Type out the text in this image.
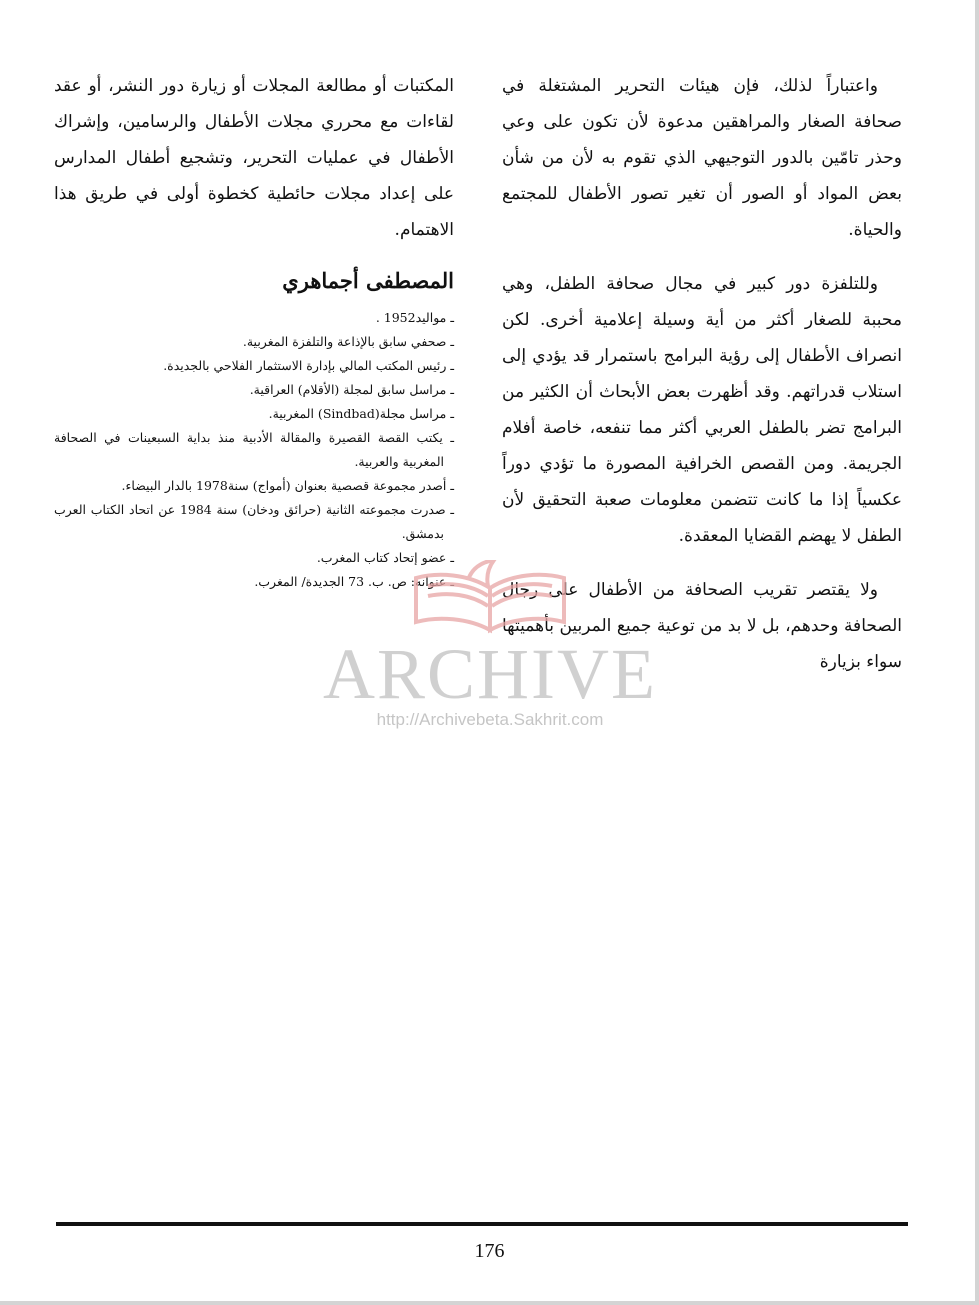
واعتباراً لذلك، فإن هيئات التحرير المشتغلة في صحافة الصغار والمراهقين مدعوة لأن تكون على وعي وحذر تامّين بالدور التوجيهي الذي تقوم به لأن من شأن بعض المواد أو الصور أن تغير تصور الأطفال للمجتمع والحياة.

وللتلفزة دور كبير في مجال صحافة الطفل، وهي محببة للصغار أكثر من أية وسيلة إعلامية أخرى. لكن انصراف الأطفال إلى رؤية البرامج باستمرار قد يؤدي إلى استلاب قدراتهم. وقد أظهرت بعض الأبحاث أن الكثير من البرامج تضر بالطفل العربي أكثر مما تنفعه، خاصة أفلام الجريمة. ومن القصص الخرافية المصورة ما تؤدي دوراً عكسياً إذا ما كانت تتضمن معلومات صعبة التحقيق لأن الطفل لا يهضم القضايا المعقدة.

ولا يقتصر تقريب الصحافة من الأطفال على رجال الصحافة وحدهم، بل لا بد من توعية جميع المربين بأهميتها سواء بزيارة

المكتبات أو مطالعة المجلات أو زيارة دور النشر، أو عقد لقاءات مع محرري مجلات الأطفال والرسامين، وإشراك الأطفال في عمليات التحرير، وتشجيع أطفال المدارس على إعداد مجلات حائطية كخطوة أولى في طريق هذا الاهتمام.

المصطفى أجماهري
ـ مواليد1952 .
ـ صحفي سابق بالإذاعة والتلفزة المغربية.
ـ رئيس المكتب المالي بإدارة الاستثمار الفلاحي بالجديدة.
ـ مراسل سابق لمجلة (الأقلام) العراقية.
ـ مراسل مجلة(Sindbad) المغربية.
ـ يكتب القصة القصيرة والمقالة الأدبية منذ بداية السبعينات في الصحافة المغربية والعربية.
ـ أصدر مجموعة قصصية بعنوان (أمواج) سنة1978 بالدار البيضاء.
ـ صدرت مجموعته الثانية (حرائق ودخان) سنة 1984 عن اتحاد الكتاب العرب بدمشق.
ـ عضو إتحاد كتاب المغرب.
ـ عنوانه: ص. ب. 73 الجديدة/ المغرب.
ARCHIVE
http://Archivebeta.Sakhrit.com
176
